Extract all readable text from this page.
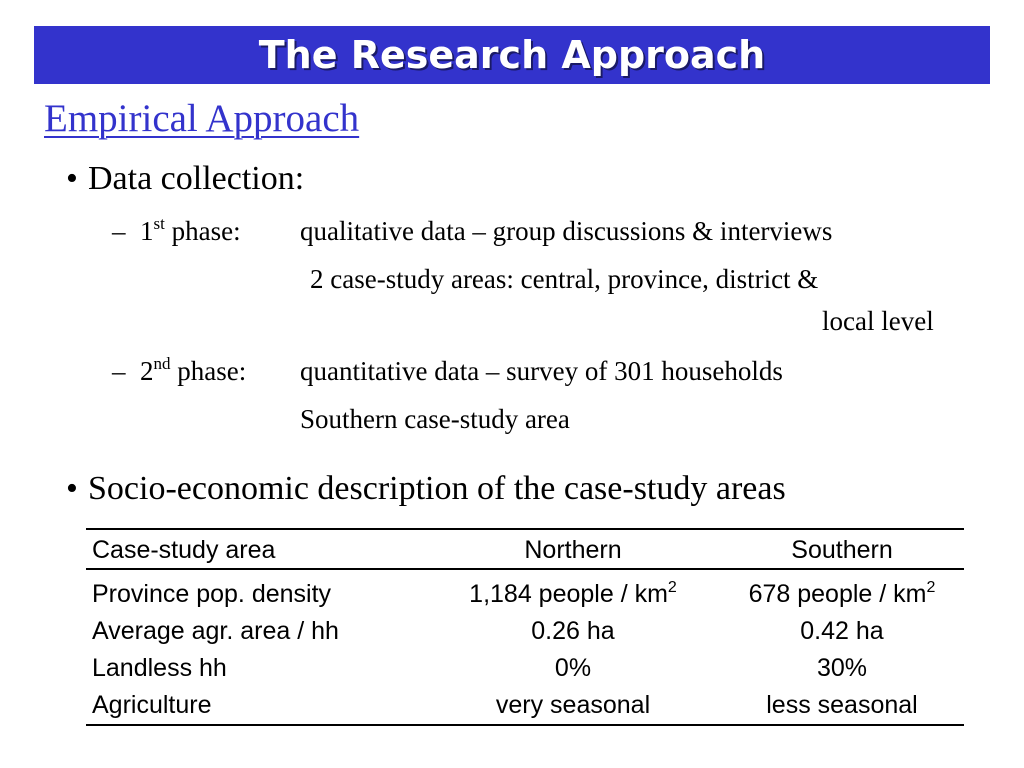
The Research Approach
Empirical Approach
• Data collection:
– 1st phase: qualitative data – group discussions & interviews
2 case-study areas: central, province, district &
local level
– 2nd phase: quantitative data – survey of 301 households
Southern case-study area
• Socio-economic description of the case-study areas
Case-study area	Northern	Southern
Province pop. density	1,184 people / $km^2$	678 people / $km^2$
Average agr. area / hh	0.26 ha	0.42 ha
Landless hh	0%	30%
Agriculture	very seasonal	less seasonal
